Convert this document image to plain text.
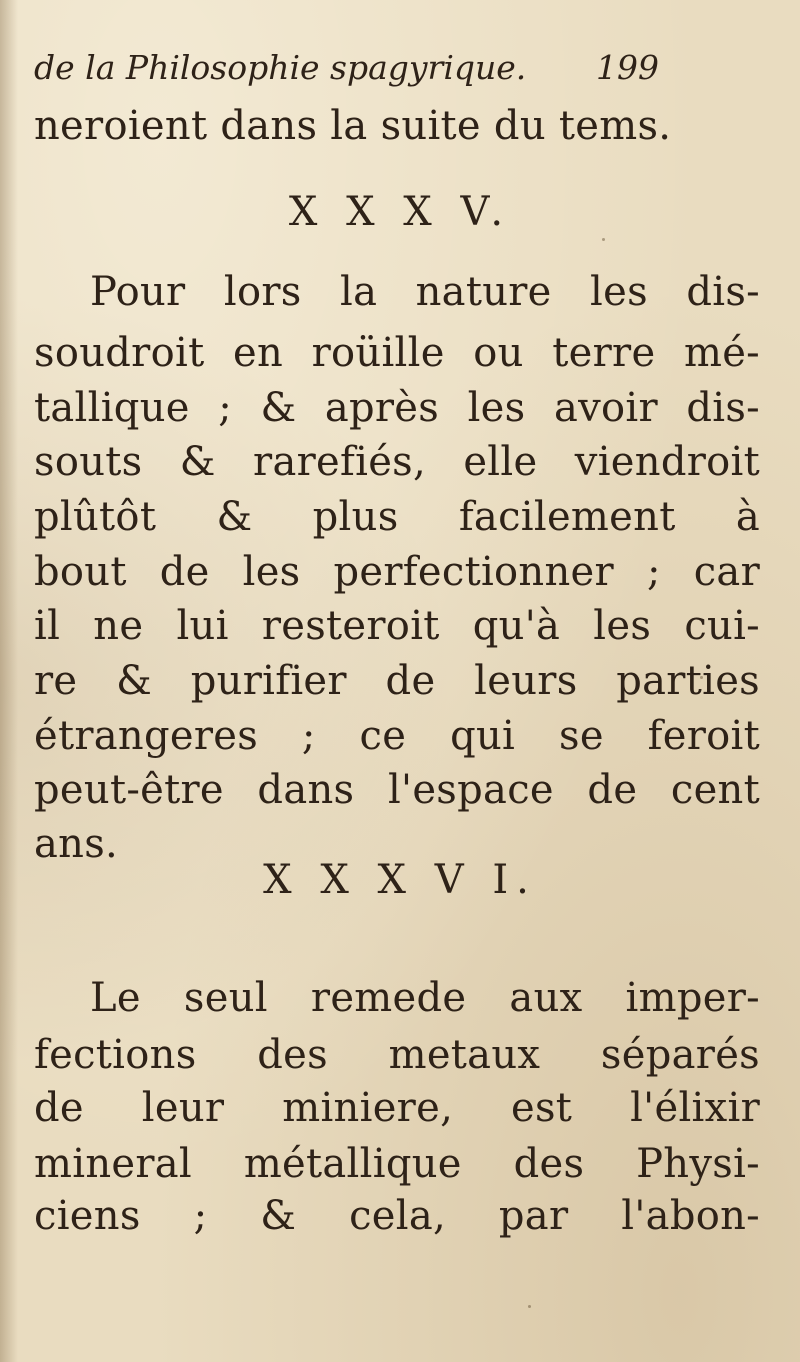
de la Philosophie spagyrique.	199
neroient dans la suite du tems.
X X X V.
Pour lors la nature les dis-
soudroit en roüille ou terre mé-
tallique ; & après les avoir dis-
souts & rarefiés, elle viendroit
plûtôt & plus facilement à
bout de les perfectionner ; car
il ne lui resteroit qu'à les cui-
re & purifier de leurs parties
étrangeres ; ce qui se feroit
peut-être dans l'espace de cent
ans.
X X X V I.
Le seul remede aux imper-
fections des metaux séparés
de leur miniere, est l'élixir
mineral métallique des Physi-
ciens ; & cela, par l'abon-
